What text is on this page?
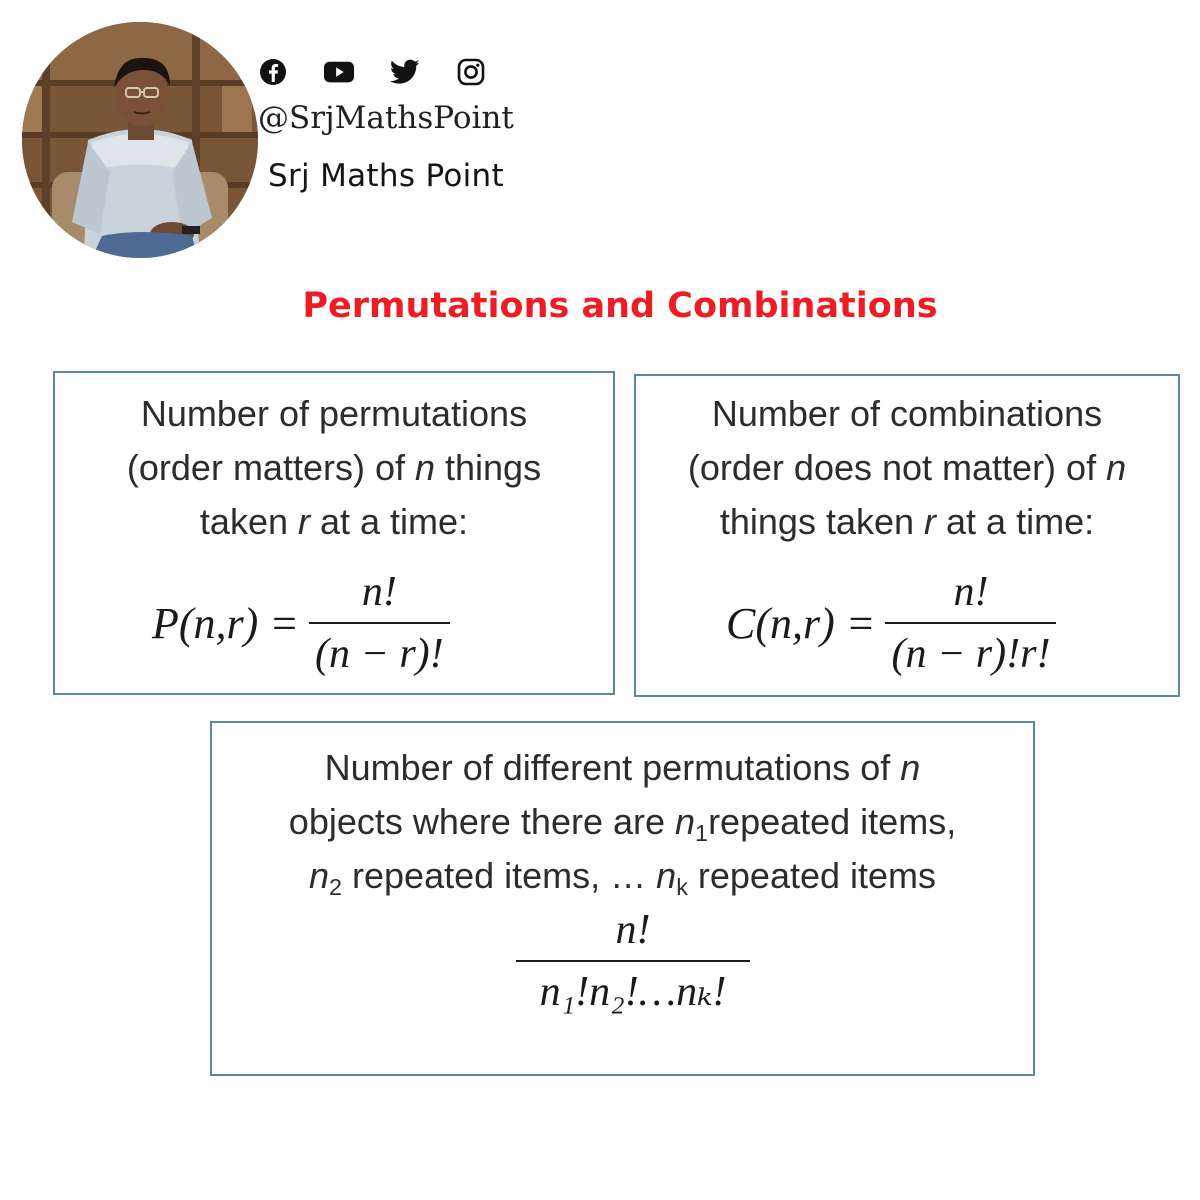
@SrjMathsPoint
Srj Maths Point
Permutations and Combinations
Number of permutations
(order matters) of n things
taken r at a time:
$P(n,r) = \frac{n!}{(n - r)!}$
Number of combinations
(order does not matter) of n
things taken r at a time:
$C(n,r) = \frac{n!}{(n - r)!r!}$
Number of different permutations of n
objects where there are $n_1repeated$ items,
$n_2$ repeated items, … $n_k$ repeated items
$\frac{n!}{\text{n₁!n₂!…nₖ!}}$
